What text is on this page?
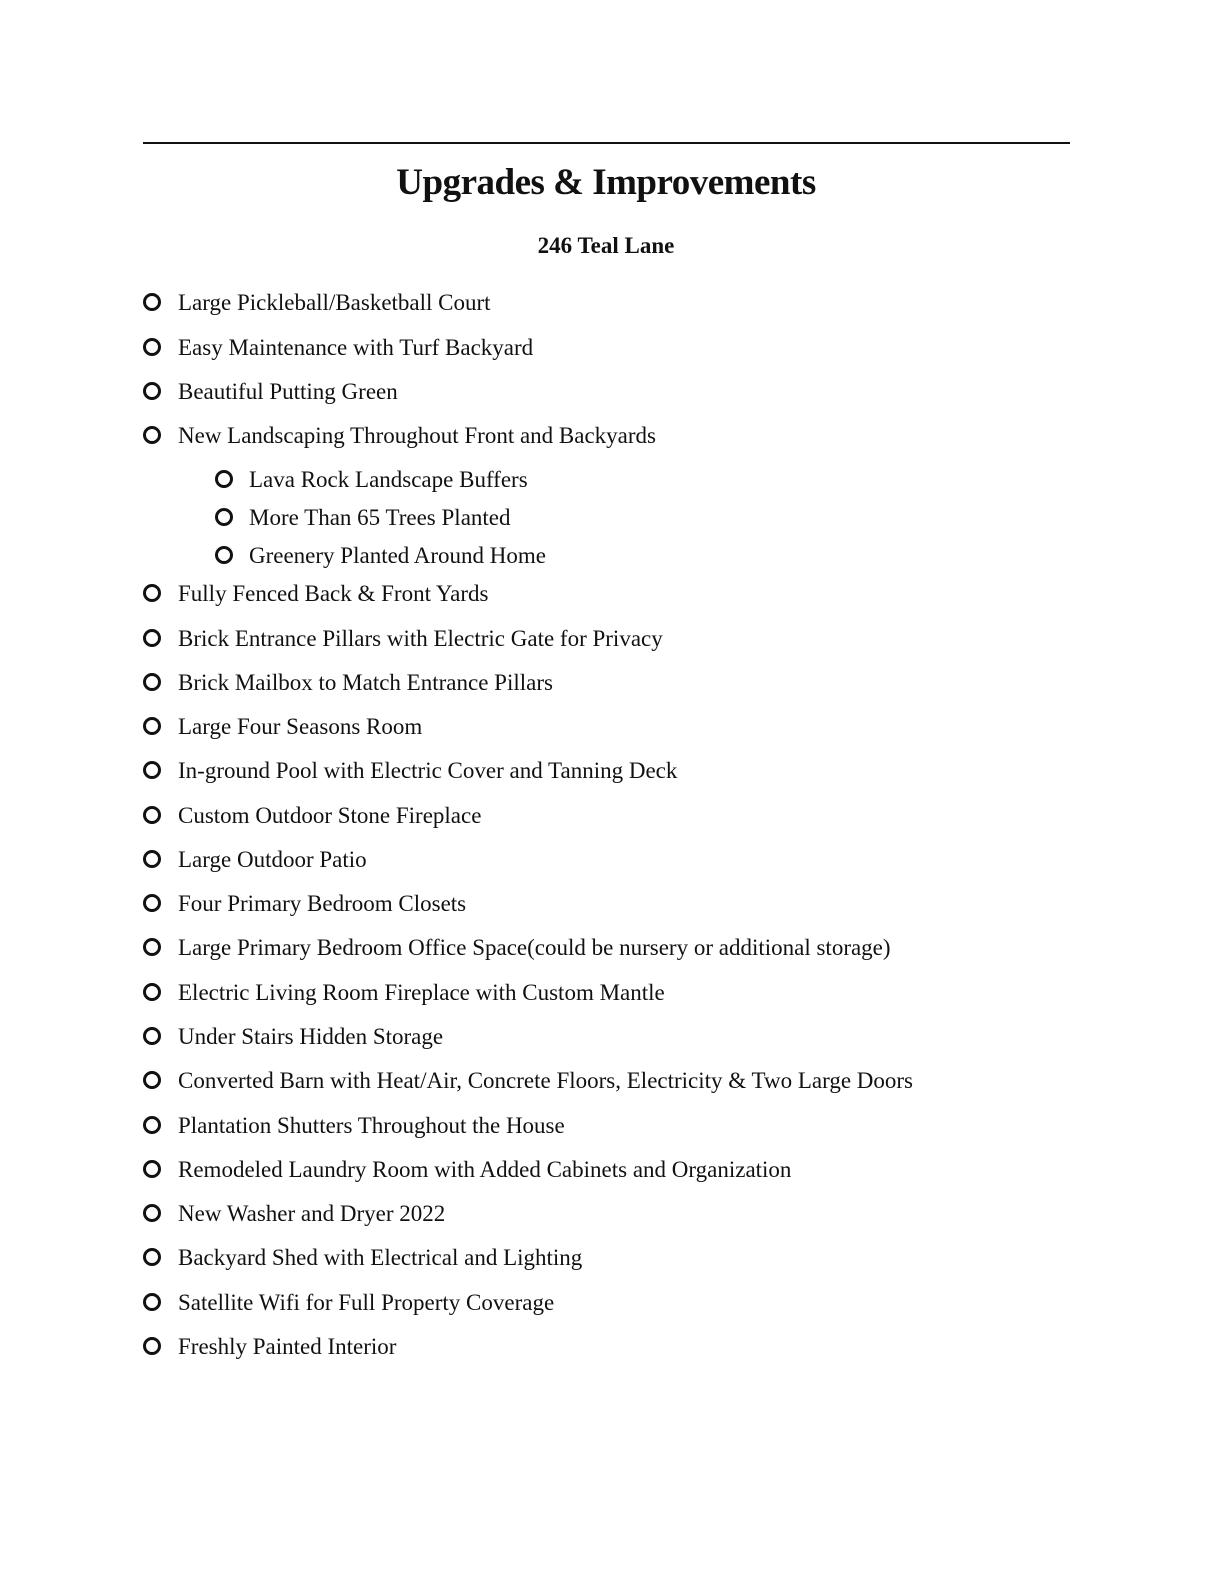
Upgrades & Improvements
246 Teal Lane
Large Pickleball/Basketball Court
Easy Maintenance with Turf Backyard
Beautiful Putting Green
New Landscaping Throughout Front and Backyards
Lava Rock Landscape Buffers
More Than 65 Trees Planted
Greenery Planted Around Home
Fully Fenced Back & Front Yards
Brick Entrance Pillars with Electric Gate for Privacy
Brick Mailbox to Match Entrance Pillars
Large Four Seasons Room
In-ground Pool with Electric Cover and Tanning Deck
Custom Outdoor Stone Fireplace
Large Outdoor Patio
Four Primary Bedroom Closets
Large Primary Bedroom Office Space(could be nursery or additional storage)
Electric Living Room Fireplace with Custom Mantle
Under Stairs Hidden Storage
Converted Barn with Heat/Air, Concrete Floors, Electricity & Two Large Doors
Plantation Shutters Throughout the House
Remodeled Laundry Room with Added Cabinets and Organization
New Washer and Dryer 2022
Backyard Shed with Electrical and Lighting
Satellite Wifi for Full Property Coverage
Freshly Painted Interior
